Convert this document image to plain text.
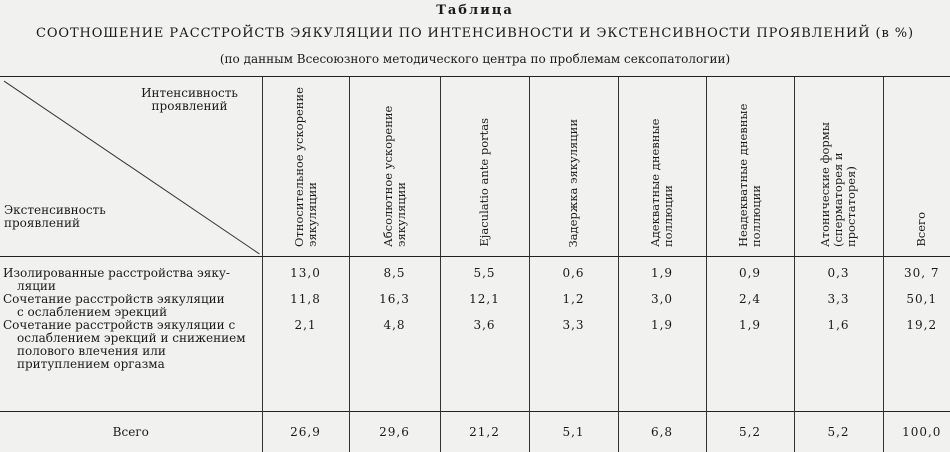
Таблица
СООТНОШЕНИЕ РАССТРОЙСТВ ЭЯКУЛЯЦИИ ПО ИНТЕНСИВНОСТИ И ЭКСТЕНСИВНОСТИ ПРОЯВЛЕНИЙ (в %)
(по данным Всесоюзного методического центра по проблемам сексопатологии)
Интенсивность проявлений
Экстенсивность проявлений	Относительное ускорение эякуляции	Абсолютное ускорение эякуляции	Ejaculatio ante portas	Задержка эякуляции	Адекватные дневные поллюции	Неадекватные дневные поллюции	Атонические формы (сперматорея и простаторея)	Всего

Изолированные расстройства эяку-
ляции	13,0	8,5	5,5	0,6	1,9	0,9	0,3	30, 7

Сочетание расстройств эякуляции
с ослаблением эрекций	11,8	16,3	12,1	1,2	3,0	2,4	3,3	50,1

Сочетание расстройств эякуляции с
ослаблением эрекций и снижением полового влечения или притуплением оргазма	2,1	4,8	3,6	3,3	1,9	1,9	1,6	19,2
Всего	26,9	29,6	21,2	5,1	6,8	5,2	5,2	100,0
